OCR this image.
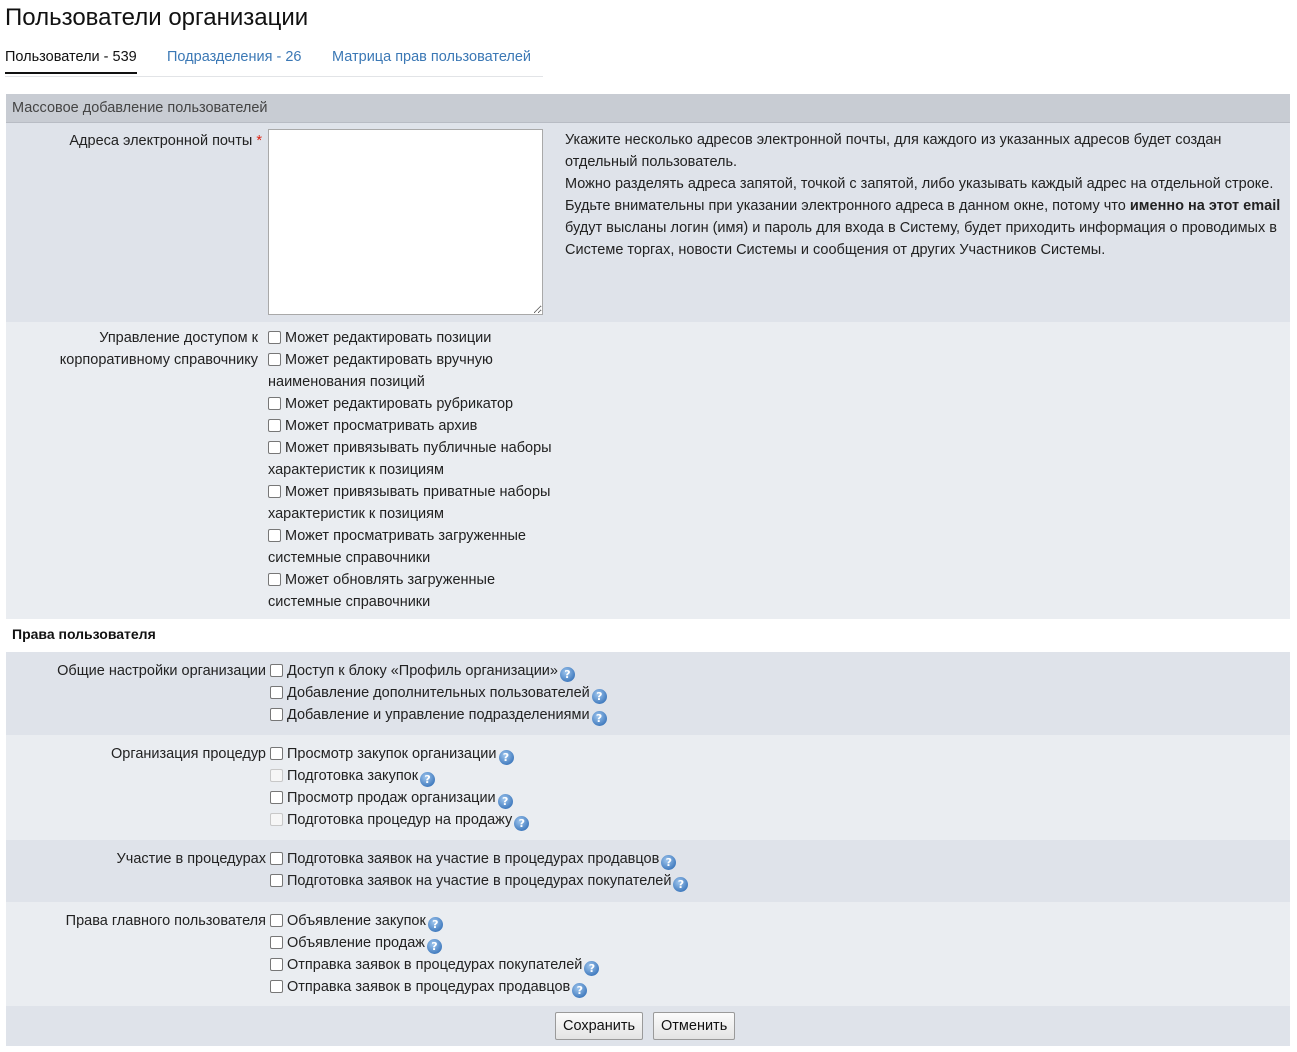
Пользователи организации
Пользователи - 539 Подразделения - 26 Матрица прав пользователей
Массовое добавление пользователей
Адреса электронной почты *	Укажите несколько адресов электронной почты, для каждого из указанных адресов будет создан отдельный пользователь.

Можно разделять адреса запятой, точкой с запятой, либо указывать каждый адрес на отдельной строке.

Будьте внимательны при указании электронного адреса в данном окне, потому что именно на этот email будут высланы логин (имя) и пароль для входа в Систему, будет приходить информация о проводимых в Системе торгах, новости Системы и сообщения от других Участников Системы.

Управление доступом к корпоративному справочнику
Может редактировать позиции
Может редактировать вручную наименования позиций
Может редактировать рубрикатор
Может просматривать архив
Может привязывать публичные наборы характеристик к позициям
Может привязывать приватные наборы характеристик к позициям
Может просматривать загруженные системные справочники
Может обновлять загруженные системные справочники
Права пользователя
Общие настройки организации	Доступ к блоку «Профиль организации» ?
Добавление дополнительных пользователей ?
Добавление и управление подразделениями ?
Организация процедур	Просмотр закупок организации ?
Подготовка закупок ?
Просмотр продаж организации ?
Подготовка процедур на продажу ?
Участие в процедурах	Подготовка заявок на участие в процедурах продавцов ?
Подготовка заявок на участие в процедурах покупателей ?
Права главного пользователя	Объявление закупок ?
Объявление продаж ?
Отправка заявок в процедурах покупателей ?
Отправка заявок в процедурах продавцов ?
Сохранить	Отменить
